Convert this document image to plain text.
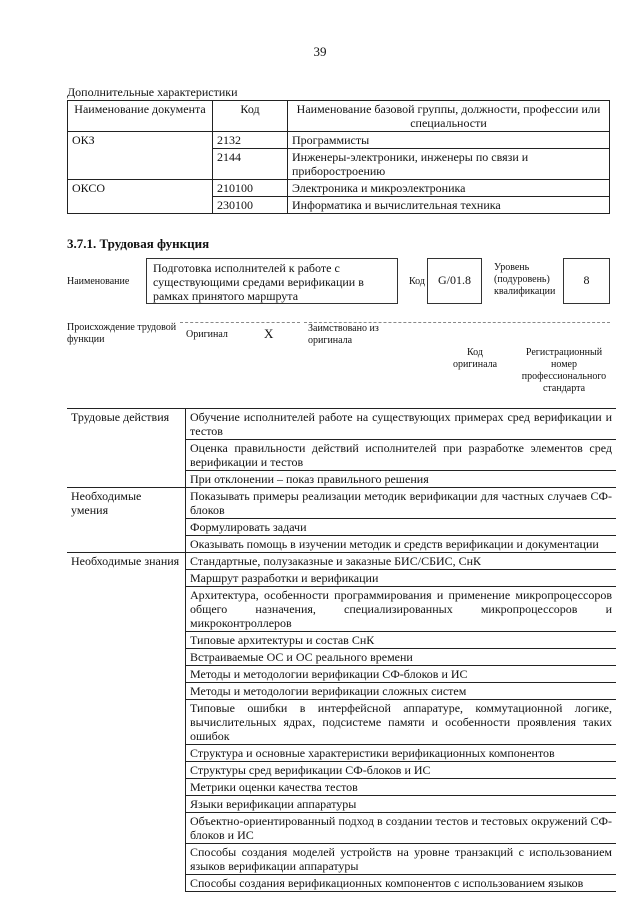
39
Дополнительные характеристики
Наименование документа	Код	Наименование базовой группы, должности, профессии или специальности
ОКЗ	2132	Программисты
	2144	Инженеры-электроники, инженеры по связи и приборостроению
ОКСО	210100	Электроника и микроэлектроника
	230100	Информатика и вычислительная техника
3.7.1. Трудовая функция
Наименование
Подготовка исполнителей к работе с существующими средами верификации в рамках принятого маршрута
Код	G/01.8
Уровень (подуровень) квалификации
8
Происхождение трудовой функции	Оригинал	X	Заимствовано из оригинала
Код оригинала
Регистрационный номер профессионального стандарта
Трудовые действия	Обучение исполнителей работе на существующих примерах сред верификации и тестов
	Оценка правильности действий исполнителей при разработке элементов сред верификации и тестов
	При отклонении – показ правильного решения
Необходимые умения	Показывать примеры реализации методик верификации для частных случаев СФ-блоков
	Формулировать задачи
	Оказывать помощь в изучении методик и средств верификации и документации
Необходимые знания	Стандартные, полузаказные и заказные БИС/СБИС, СнК
	Маршрут разработки и верификации
	Архитектура, особенности программирования и применение микропроцессоров общего назначения, специализированных микропроцессоров и микроконтроллеров
	Типовые архитектуры и состав СнК
	Встраиваемые ОС и ОС реального времени
	Методы и методологии верификации СФ-блоков и ИС
	Методы и методологии верификации сложных систем
	Типовые ошибки в интерфейсной аппаратуре, коммутационной логике, вычислительных ядрах, подсистеме памяти и особенности проявления таких ошибок
	Структура и основные характеристики верификационных компонентов
	Структуры сред верификации СФ-блоков и ИС
	Метрики оценки качества тестов
	Языки верификации аппаратуры
	Объектно-ориентированный подход в создании тестов и тестовых окружений СФ-блоков и ИС
	Способы создания моделей устройств на уровне транзакций с использованием языков верификации аппаратуры
	Способы создания верификационных компонентов с использованием языков
